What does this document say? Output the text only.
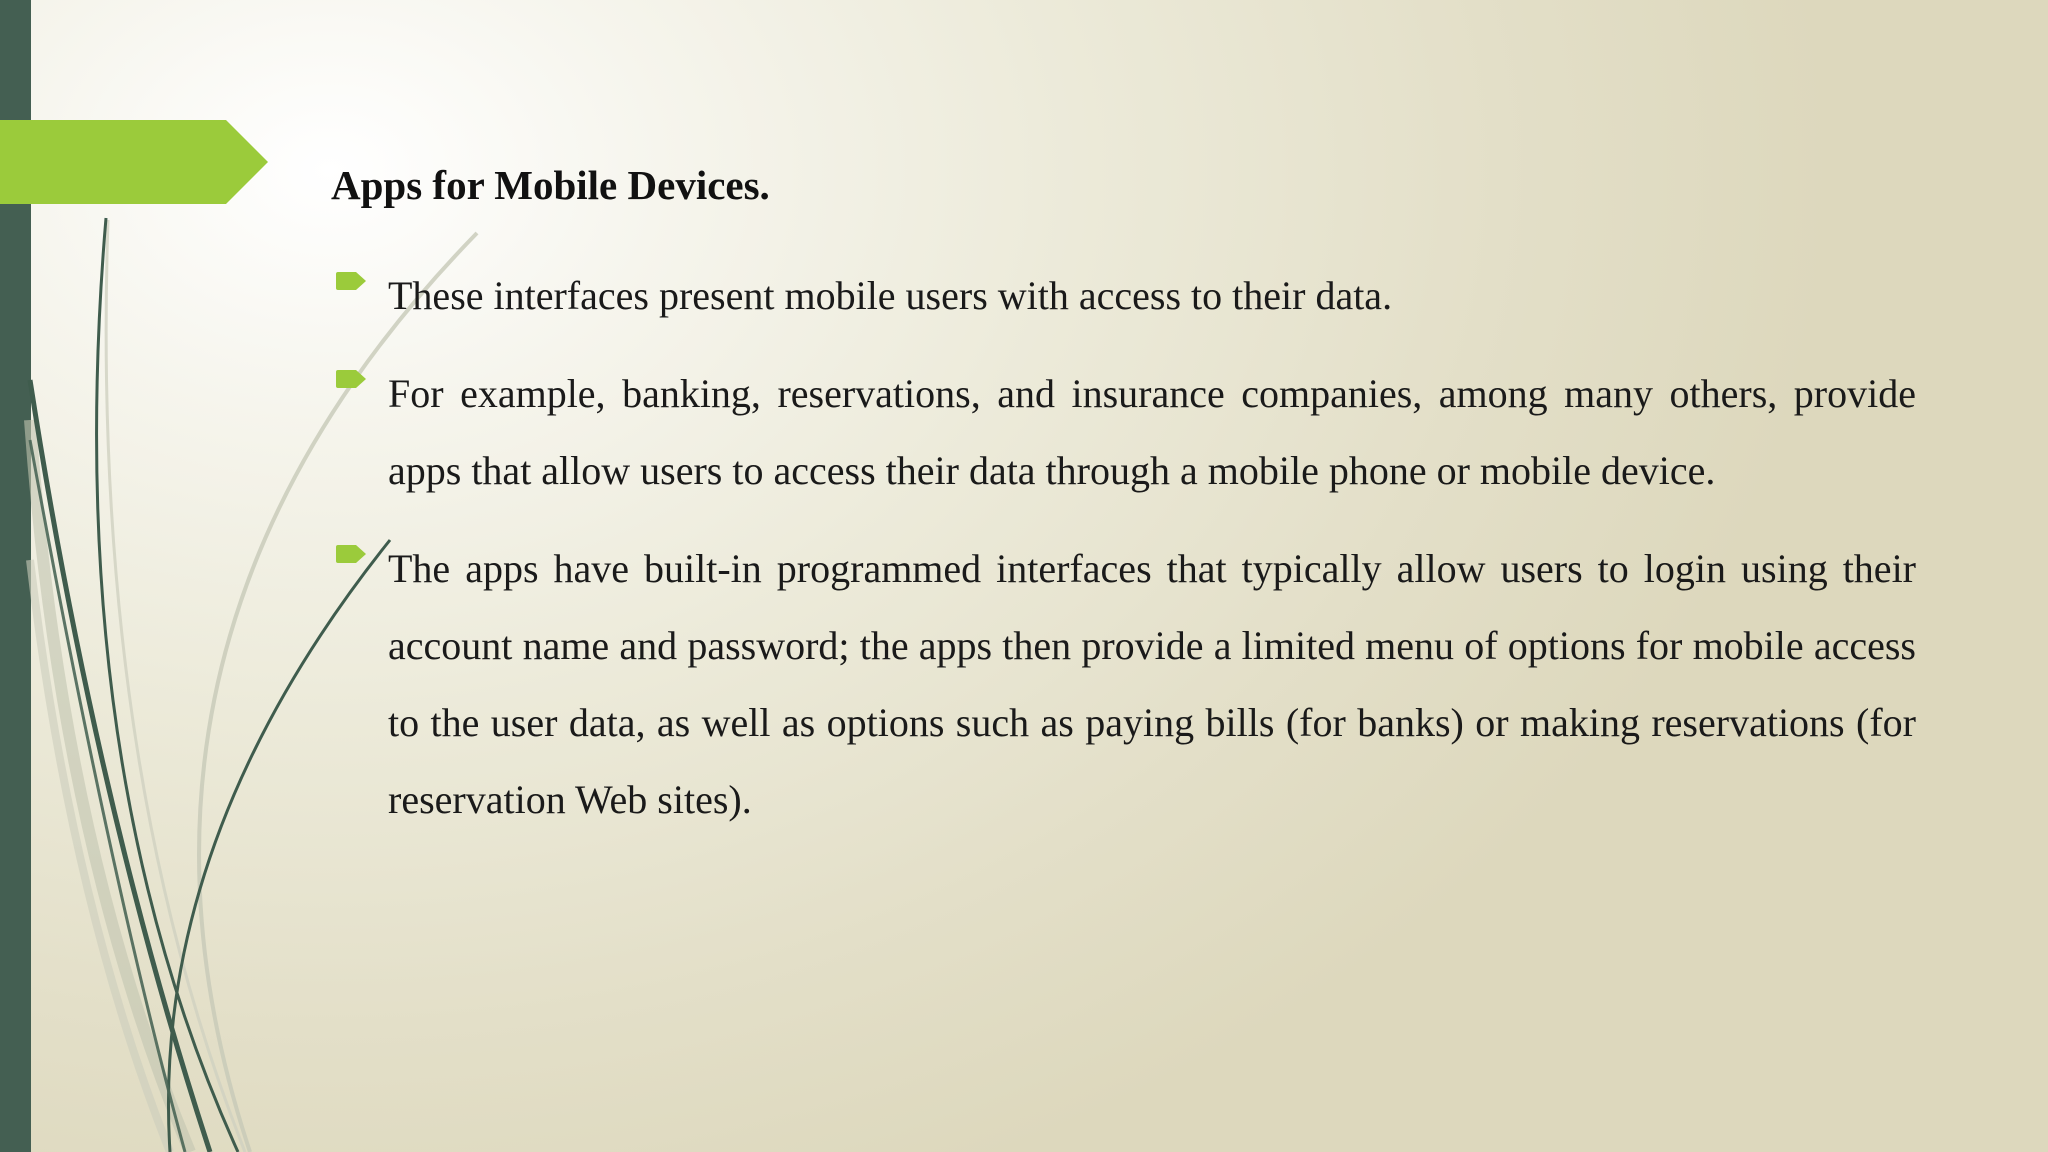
Apps for Mobile Devices.
These interfaces present mobile users with access to their data.
For example, banking, reservations, and insurance companies, among many others, provide apps that allow users to access their data through a mobile phone or mobile device.
The apps have built-in programmed interfaces that typically allow users to login using their account name and password; the apps then provide a limited menu of options for mobile access to the user data, as well as options such as paying bills (for banks) or making reservations (for reservation Web sites).
